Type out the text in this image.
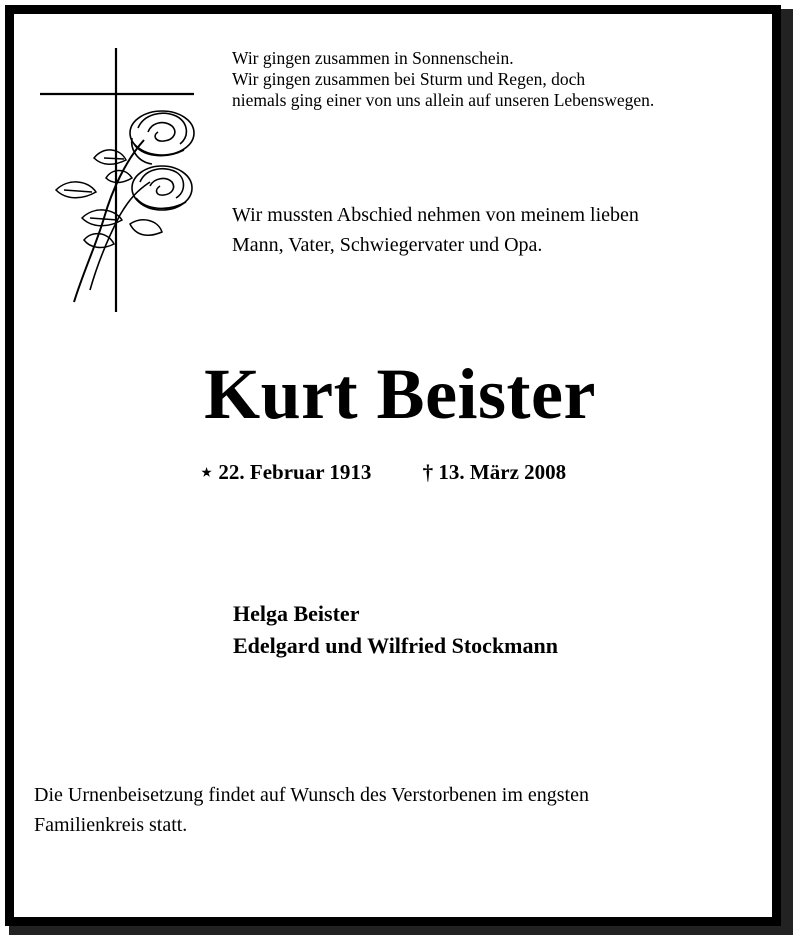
Wir gingen zusammen in Sonnenschein.
Wir gingen zusammen bei Sturm und Regen, doch
niemals ging einer von uns allein auf unseren Lebenswegen.
Wir mussten Abschied nehmen von meinem lieben
Mann, Vater, Schwiegervater und Opa.
Kurt Beister
⋆ 22. Februar 1913 † 13. März 2008
Helga Beister
Edelgard und Wilfried Stockmann
Die Urnenbeisetzung findet auf Wunsch des Verstorbenen im engsten
Familienkreis statt.
